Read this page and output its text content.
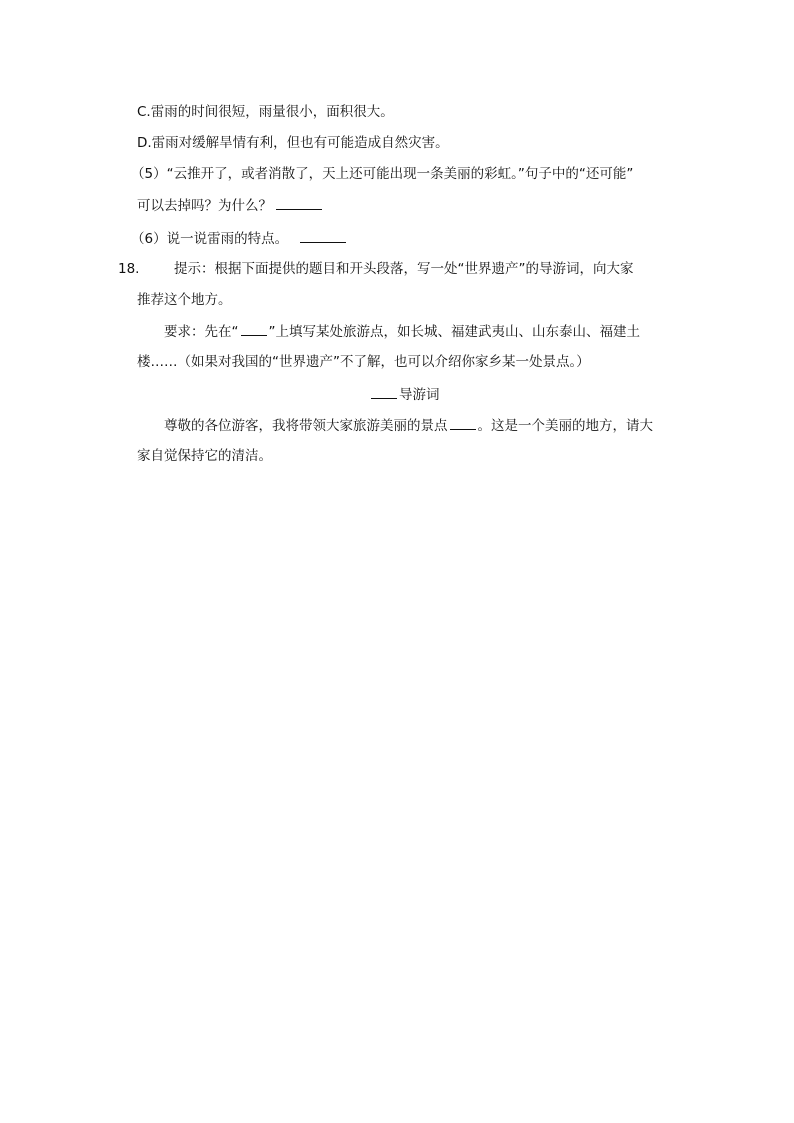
C.雷雨的时间很短，雨量很小，面积很大。
D.雷雨对缓解旱情有利，但也有可能造成自然灾害。
（5）“云推开了，或者消散了，天上还可能出现一条美丽的彩虹。”句子中的“还可能”
可以去掉吗？为什么？
（6）说一说雷雨的特点。
18.	提示：根据下面提供的题目和开头段落，写一处“世界遗产”的导游词，向大家
推荐这个地方。
要求：先在“ ”上填写某处旅游点，如长城、福建武夷山、山东泰山、福建土
楼……（如果对我国的“世界遗产”不了解，也可以介绍你家乡某一处景点。）
导游词
尊敬的各位游客，我将带领大家旅游美丽的景点 。这是一个美丽的地方，请大
家自觉保持它的清洁。
